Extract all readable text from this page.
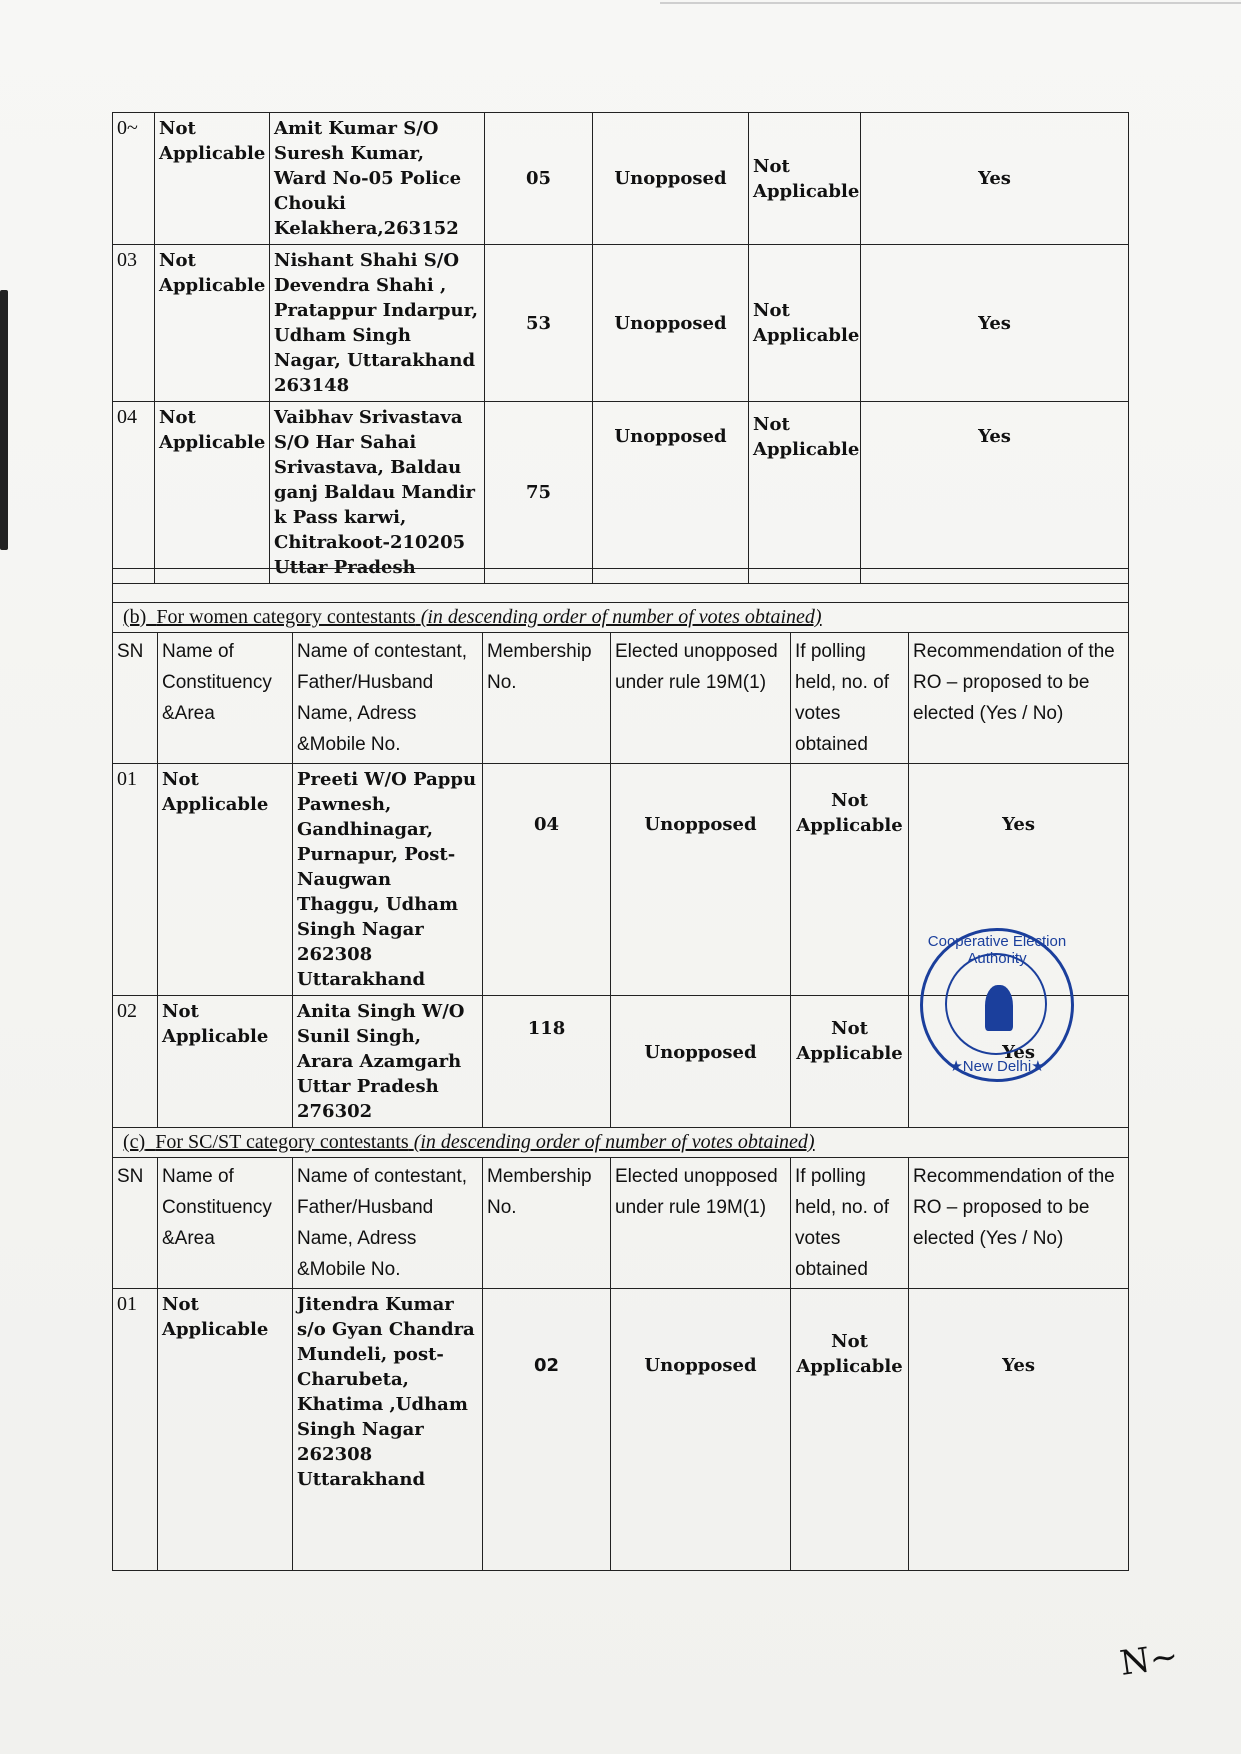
0~	Not Applicable	Amit Kumar S/O Suresh Kumar, Ward No-05 Police Chouki Kelakhera,263152	05	Unopposed	Not Applicable	Yes
03	Not Applicable	Nishant Shahi S/O Devendra Shahi , Pratappur Indarpur, Udham Singh Nagar, Uttarakhand 263148	53	Unopposed	Not Applicable	Yes
04	Not Applicable	Vaibhav Srivastava S/O Har Sahai Srivastava, Baldau ganj Baldau Mandir k Pass karwi, Chitrakoot-210205 Uttar Pradesh	75	Unopposed	Not Applicable	Yes

(b) For women category contestants (in descending order of number of votes obtained)						
SN	Name of Constituency &Area	Name of contestant, Father/Husband Name, Adress &Mobile No.	Membership No.	Elected unopposed under rule 19M(1)	If polling held, no. of votes obtained	Recommendation of the RO – proposed to be elected (Yes / No)
01	Not Applicable	Preeti W/O Pappu Pawnesh, Gandhinagar, Purnapur, Post-Naugwan Thaggu, Udham Singh Nagar 262308 Uttarakhand	04	Unopposed	Not Applicable	Yes
02	Not Applicable	Anita Singh W/O Sunil Singh, Arara Azamgarh Uttar Pradesh 276302	118	Unopposed	Not Applicable	Yes
(c) For SC/ST category contestants (in descending order of number of votes obtained)						
SN	Name of Constituency &Area	Name of contestant, Father/Husband Name, Adress &Mobile No.	Membership No.	Elected unopposed under rule 19M(1)	If polling held, no. of votes obtained	Recommendation of the RO – proposed to be elected (Yes / No)
01	Not Applicable	Jitendra Kumar s/o Gyan Chandra Mundeli, post-Charubeta, Khatima ,Udham Singh Nagar 262308 Uttarakhand	02	Unopposed	Not Applicable	Yes
Cooperative Election Authority
★New Delhi★
N~
